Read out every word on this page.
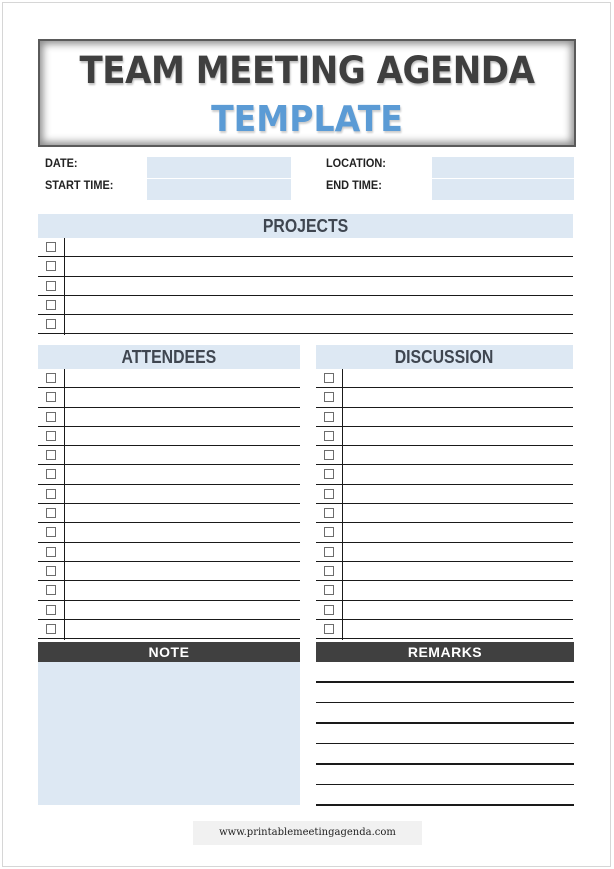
TEAM MEETING AGENDA
TEMPLATE
DATE:
START TIME:
LOCATION:
END TIME:
PROJECTS
ATTENDEES	DISCUSSION
NOTE	REMARKS
www.printablemeetingagenda.com
